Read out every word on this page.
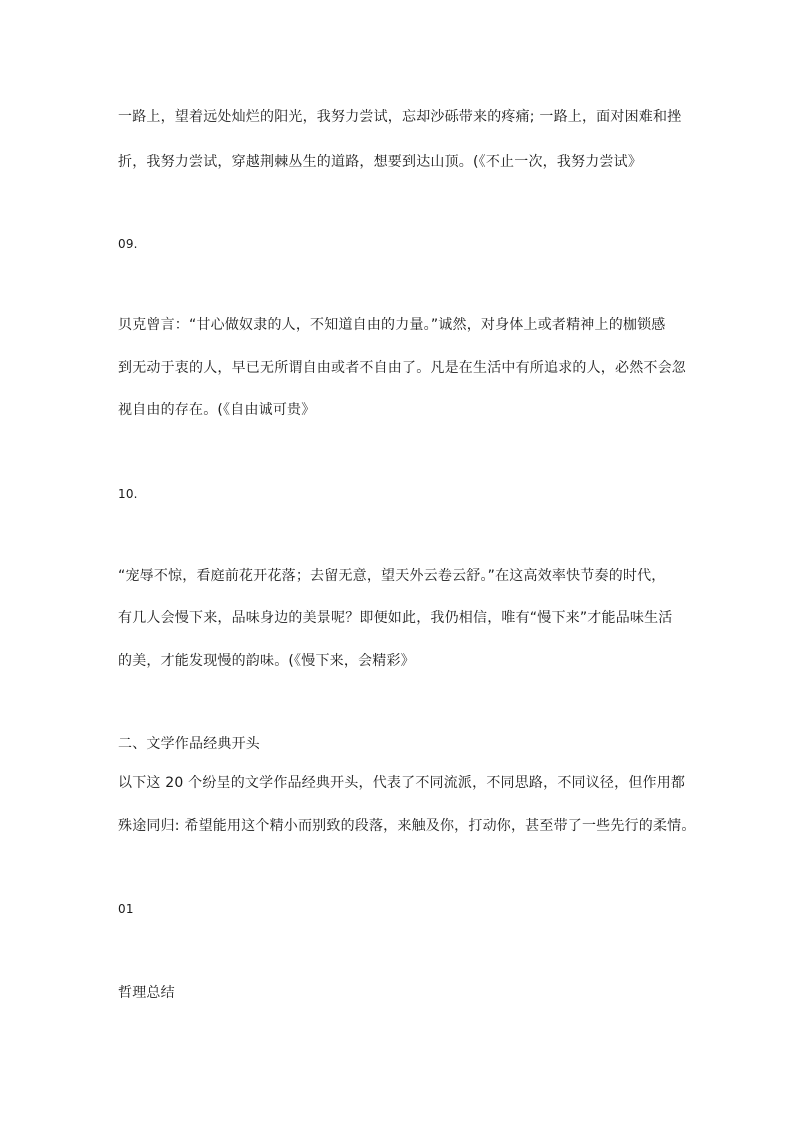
一路上，望着远处灿烂的阳光，我努力尝试，忘却沙砾带来的疼痛; 一路上，面对困难和挫
折，我努力尝试，穿越荆棘丛生的道路，想要到达山顶。(《不止一次，我努力尝试》
09.
贝克曾言：“甘心做奴隶的人，不知道自由的力量。”诚然，对身体上或者精神上的枷锁感
到无动于衷的人，早已无所谓自由或者不自由了。凡是在生活中有所追求的人，必然不会忽
视自由的存在。(《自由诚可贵》
10.
“宠辱不惊，看庭前花开花落；去留无意，望天外云卷云舒。”在这高效率快节奏的时代，
有几人会慢下来，品味身边的美景呢？即便如此，我仍相信，唯有“慢下来”才能品味生活
的美，才能发现慢的韵味。(《慢下来，会精彩》
二、文学作品经典开头
以下这 20 个纷呈的文学作品经典开头，代表了不同流派，不同思路，不同议径，但作用都
殊途同归: 希望能用这个精小而别致的段落，来触及你，打动你，甚至带了一些先行的柔情。
01
哲理总结
